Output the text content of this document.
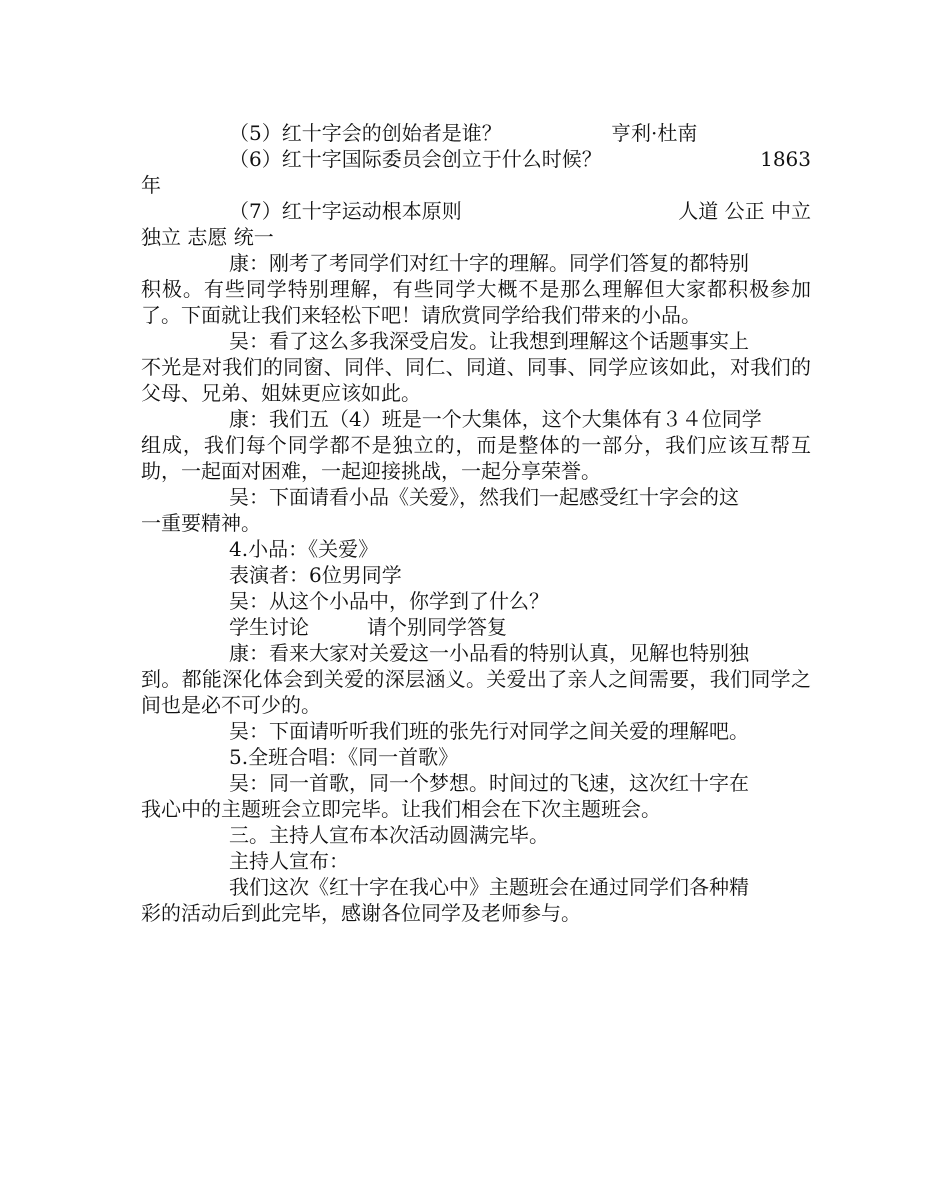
（5）红十字会的创始者是谁？	亨利·杜南
（6）红十字国际委员会创立于什么时候？	1863
年
（7）红十字运动根本原则	人道 公正 中立
独立 志愿 统一
康：刚考了考同学们对红十字的理解。同学们答复的都特别

积极。有些同学特别理解，有些同学大概不是那么理解但大家都积极参加了。下面就让我们来轻松下吧！请欣赏同学给我们带来的小品。

吴：看了这么多我深受启发。让我想到理解这个话题事实上

不光是对我们的同窗、同伴、同仁、同道、同事、同学应该如此，对我们的父母、兄弟、姐妹更应该如此。

康：我们五（4）班是一个大集体，这个大集体有３４位同学

组成，我们每个同学都不是独立的，而是整体的一部分，我们应该互帮互助，一起面对困难，一起迎接挑战，一起分享荣誉。

吴：下面请看小品《关爱》，然我们一起感受红十字会的这

一重要精神。

4.小品：《关爱》
表演者：6位男同学
吴：从这个小品中，你学到了什么？
学生讨论	请个别同学答复
康：看来大家对关爱这一小品看的特别认真，见解也特别独

到。都能深化体会到关爱的深层涵义。关爱出了亲人之间需要，我们同学之间也是必不可少的。

吴：下面请听听我们班的张先行对同学之间关爱的理解吧。
5.全班合唱：《同一首歌》
吴：同一首歌，同一个梦想。时间过的飞速，这次红十字在

我心中的主题班会立即完毕。让我们相会在下次主题班会。

三。主持人宣布本次活动圆满完毕。
主持人宣布：
我们这次《红十字在我心中》主题班会在通过同学们各种精

彩的活动后到此完毕，感谢各位同学及老师参与。
